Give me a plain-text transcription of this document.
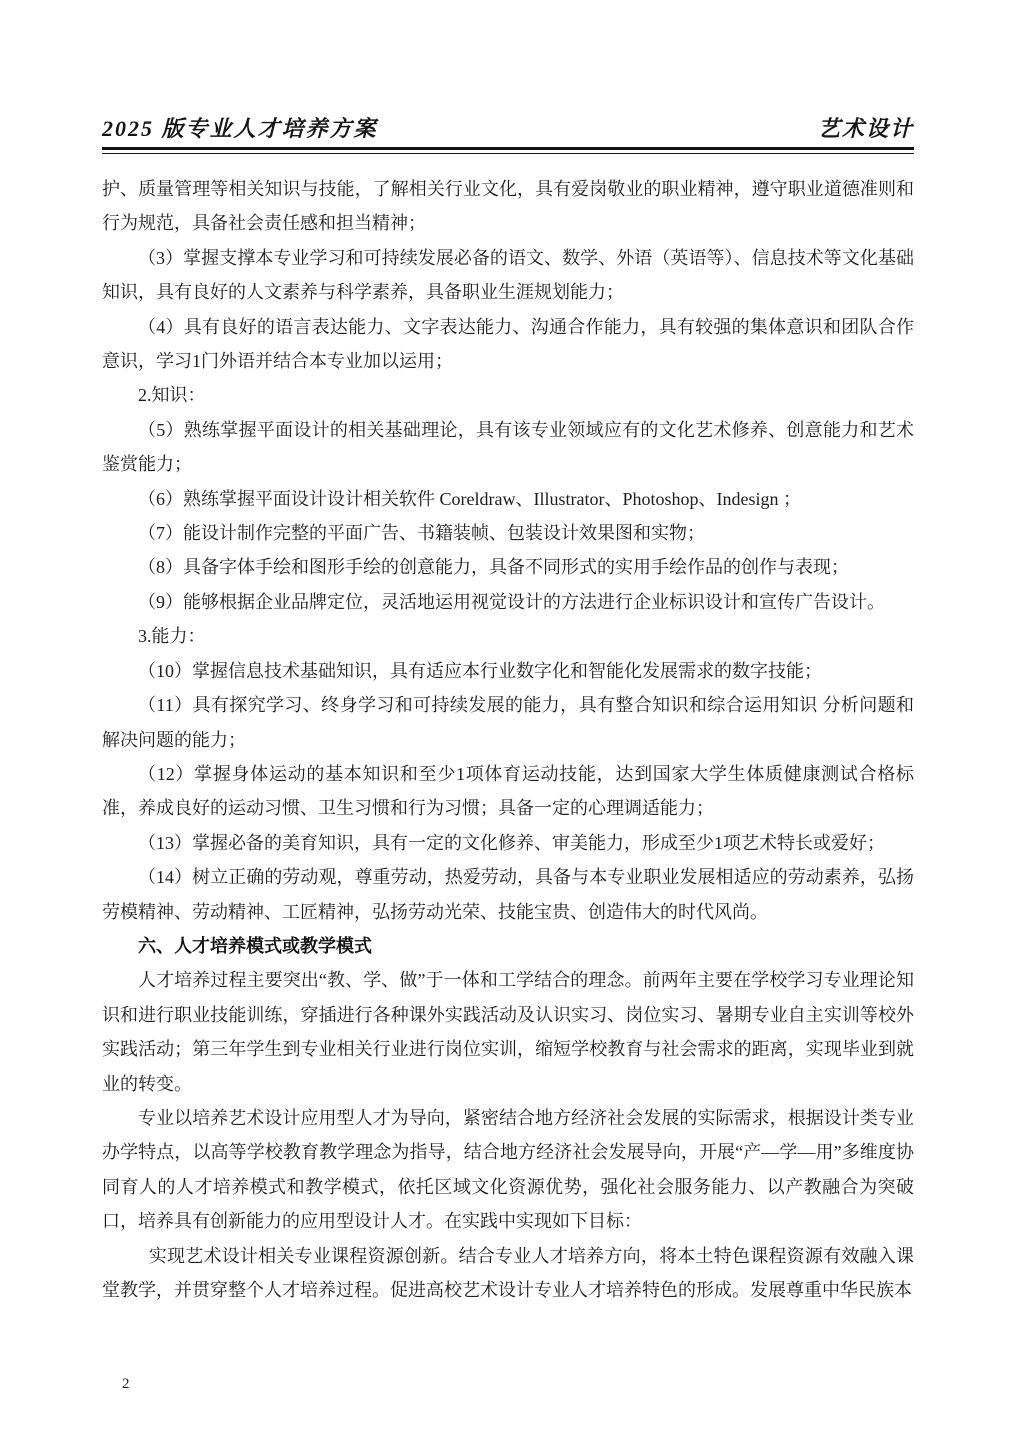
2025 版专业人才培养方案	艺术设计

护、质量管理等相关知识与技能，了解相关行业文化，具有爱岗敬业的职业精神，遵守职业道德准则和行为规范，具备社会责任感和担当精神；

（3）掌握支撑本专业学习和可持续发展必备的语文、数学、外语（英语等）、信息技术等文化基础知识，具有良好的人文素养与科学素养，具备职业生涯规划能力；

（4）具有良好的语言表达能力、文字表达能力、沟通合作能力，具有较强的集体意识和团队合作意识，学习1门外语并结合本专业加以运用；

2.知识：

（5）熟练掌握平面设计的相关基础理论，具有该专业领域应有的文化艺术修养、创意能力和艺术鉴赏能力；

（6）熟练掌握平面设计设计相关软件 Coreldraw、Illustrator、Photoshop、Indesign ；

（7）能设计制作完整的平面广告、书籍装帧、包装设计效果图和实物；

（8）具备字体手绘和图形手绘的创意能力，具备不同形式的实用手绘作品的创作与表现；

（9）能够根据企业品牌定位，灵活地运用视觉设计的方法进行企业标识设计和宣传广告设计。

3.能力：

（10）掌握信息技术基础知识，具有适应本行业数字化和智能化发展需求的数字技能；

（11）具有探究学习、终身学习和可持续发展的能力，具有整合知识和综合运用知识 分析问题和解决问题的能力；

（12）掌握身体运动的基本知识和至少1项体育运动技能，达到国家大学生体质健康测试合格标准，养成良好的运动习惯、卫生习惯和行为习惯；具备一定的心理调适能力；

（13）掌握必备的美育知识，具有一定的文化修养、审美能力，形成至少1项艺术特长或爱好；

（14）树立正确的劳动观，尊重劳动，热爱劳动，具备与本专业职业发展相适应的劳动素养，弘扬劳模精神、劳动精神、工匠精神，弘扬劳动光荣、技能宝贵、创造伟大的时代风尚。

六、人才培养模式或教学模式

人才培养过程主要突出“教、学、做”于一体和工学结合的理念。前两年主要在学校学习专业理论知识和进行职业技能训练，穿插进行各种课外实践活动及认识实习、岗位实习、暑期专业自主实训等校外实践活动；第三年学生到专业相关行业进行岗位实训，缩短学校教育与社会需求的距离，实现毕业到就业的转变。

专业以培养艺术设计应用型人才为导向，紧密结合地方经济社会发展的实际需求，根据设计类专业办学特点，以高等学校教育教学理念为指导，结合地方经济社会发展导向，开展“产—学—用”多维度协同育人的人才培养模式和教学模式，依托区域文化资源优势，强化社会服务能力、以产教融合为突破口，培养具有创新能力的应用型设计人才。在实践中实现如下目标：

实现艺术设计相关专业课程资源创新。结合专业人才培养方向，将本土特色课程资源有效融入课堂教学，并贯穿整个人才培养过程。促进高校艺术设计专业人才培养特色的形成。发展尊重中华民族本

2
